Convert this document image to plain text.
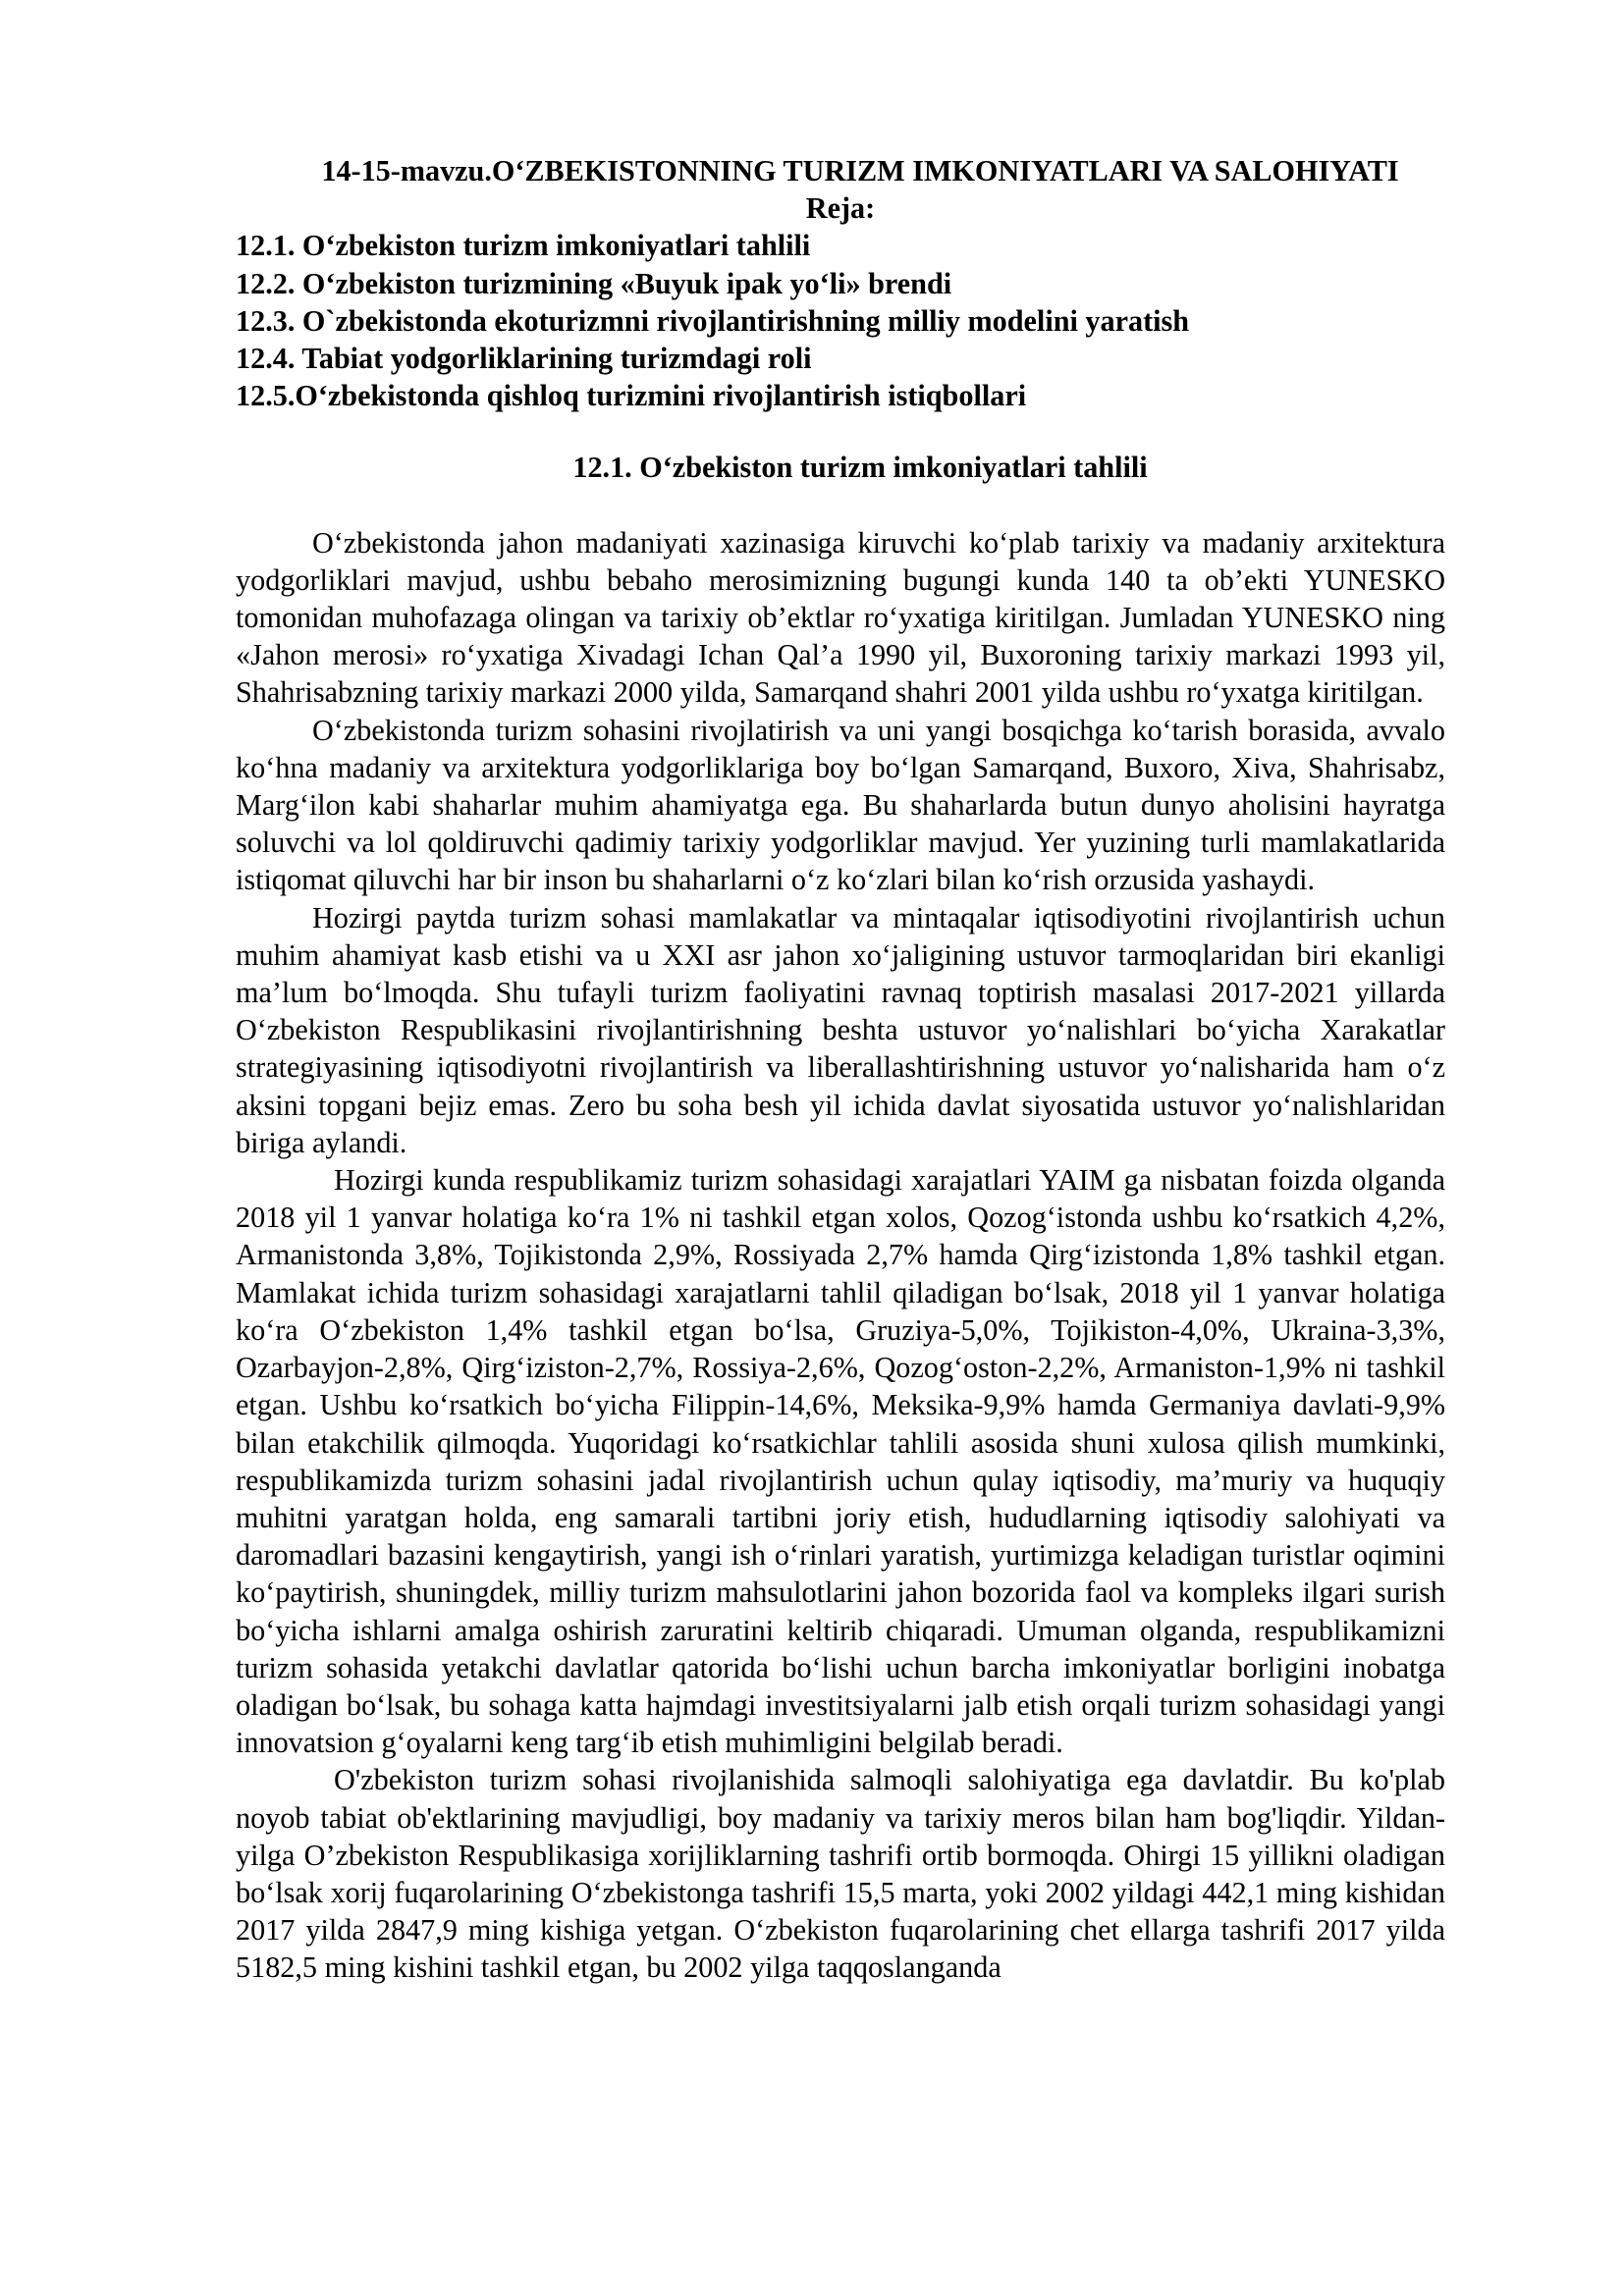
14-15-mavzu.O‘ZBEKISTONNING TURIZM IMKONIYATLARI VA SALOHIYATI

Reja:

12.1. O‘zbekiston turizm imkoniyatlari tahlili
12.2. O‘zbekiston turizmining «Buyuk ipak yo‘li» brendi
12.3. O`zbekistonda ekoturizmni rivojlantirishning milliy modelini yaratish
12.4. Tabiat yodgorliklarining turizmdagi roli
12.5.O‘zbekistonda qishloq turizmini rivojlantirish istiqbollari

12.1. O‘zbekiston turizm imkoniyatlari tahlili

O‘zbekistonda jahon madaniyati xazinasiga kiruvchi ko‘plab tarixiy va madaniy arxitektura yodgorliklari mavjud, ushbu bebaho merosimizning bugungi kunda 140 ta ob’ekti YUNESKO tomonidan muhofazaga olingan va tarixiy ob’ektlar ro‘yxatiga kiritilgan. Jumladan YUNESKO ning «Jahon merosi» ro‘yxatiga Xivadagi Ichan Qal’a 1990 yil, Buxoroning tarixiy markazi 1993 yil, Shahrisabzning tarixiy markazi 2000 yilda, Samarqand shahri 2001 yilda ushbu ro‘yxatga kiritilgan.

O‘zbekistonda turizm sohasini rivojlatirish va uni yangi bosqichga ko‘tarish borasida, avvalo ko‘hna madaniy va arxitektura yodgorliklariga boy bo‘lgan Samarqand, Buxoro, Xiva, Shahrisabz, Marg‘ilon kabi shaharlar muhim ahamiyatga ega. Bu shaharlarda butun dunyo aholisini hayratga soluvchi va lol qoldiruvchi qadimiy tarixiy yodgorliklar mavjud. Yer yuzining turli mamlakatlarida istiqomat qiluvchi har bir inson bu shaharlarni o‘z ko‘zlari bilan ko‘rish orzusida yashaydi.

Hozirgi paytda turizm sohasi mamlakatlar va mintaqalar iqtisodiyotini rivojlantirish uchun muhim ahamiyat kasb etishi va u XXI asr jahon xo‘jaligining ustuvor tarmoqlaridan biri ekanligi ma’lum bo‘lmoqda. Shu tufayli turizm faoliyatini ravnaq toptirish masalasi 2017-2021 yillarda O‘zbekiston Respublikasini rivojlantirishning beshta ustuvor yo‘nalishlari bo‘yicha Xarakatlar strategiyasining iqtisodiyotni rivojlantirish va liberallashtirishning ustuvor yo‘nalisharida ham o‘z aksini topgani bejiz emas. Zero bu soha besh yil ichida davlat siyosatida ustuvor yo‘nalishlaridan biriga aylandi.

Hozirgi kunda respublikamiz turizm sohasidagi xarajatlari YAIM ga nisbatan foizda olganda 2018 yil 1 yanvar holatiga ko‘ra 1% ni tashkil etgan xolos, Qozog‘istonda ushbu ko‘rsatkich 4,2%, Armanistonda 3,8%, Tojikistonda 2,9%, Rossiyada 2,7% hamda Qirg‘izistonda 1,8% tashkil etgan. Mamlakat ichida turizm sohasidagi xarajatlarni tahlil qiladigan bo‘lsak, 2018 yil 1 yanvar holatiga ko‘ra O‘zbekiston 1,4% tashkil etgan bo‘lsa, Gruziya-5,0%, Tojikiston-4,0%, Ukraina-3,3%, Ozarbayjon-2,8%, Qirg‘iziston-2,7%, Rossiya-2,6%, Qozog‘oston-2,2%, Armaniston-1,9% ni tashkil etgan. Ushbu ko‘rsatkich bo‘yicha Filippin-14,6%, Meksika-9,9% hamda Germaniya davlati-9,9% bilan etakchilik qilmoqda. Yuqoridagi ko‘rsatkichlar tahlili asosida shuni xulosa qilish mumkinki, respublikamizda turizm sohasini jadal rivojlantirish uchun qulay iqtisodiy, ma’muriy va huquqiy muhitni yaratgan holda, eng samarali tartibni joriy etish, hududlarning iqtisodiy salohiyati va daromadlari bazasini kengaytirish, yangi ish o‘rinlari yaratish, yurtimizga keladigan turistlar oqimini ko‘paytirish, shuningdek, milliy turizm mahsulotlarini jahon bozorida faol va kompleks ilgari surish bo‘yicha ishlarni amalga oshirish zaruratini keltirib chiqaradi. Umuman olganda, respublikamizni turizm sohasida yetakchi davlatlar qatorida bo‘lishi uchun barcha imkoniyatlar borligini inobatga oladigan bo‘lsak, bu sohaga katta hajmdagi investitsiyalarni jalb etish orqali turizm sohasidagi yangi innovatsion g‘oyalarni keng targ‘ib etish muhimligini belgilab beradi.

O'zbekiston turizm sohasi rivojlanishida salmoqli salohiyatiga ega davlatdir. Bu ko'plab noyob tabiat ob'ektlarining mavjudligi, boy madaniy va tarixiy meros bilan ham bog'liqdir. Yildan-yilga O’zbekiston Respublikasiga xorijliklarning tashrifi ortib bormoqda. Ohirgi 15 yillikni oladigan bo‘lsak xorij fuqarolarining O‘zbekistonga tashrifi 15,5 marta, yoki 2002 yildagi 442,1 ming kishidan 2017 yilda 2847,9 ming kishiga yetgan. O‘zbekiston fuqarolarining chet ellarga tashrifi 2017 yilda 5182,5 ming kishini tashkil etgan, bu 2002 yilga taqqoslanganda
